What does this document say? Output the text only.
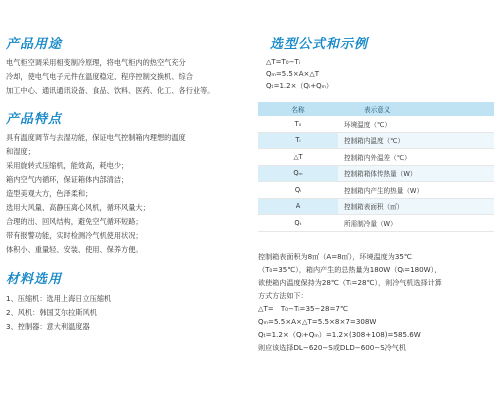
产品用途

电气柜空调采用相变制冷原理，将电气柜内的热空气充分

冷却，使电气电子元件在温度稳定、程序控制交换机、综合

加工中心、通讯通讯设备、食品、饮料、医药、化工、各行业等。

产品特点

具有温度调节与去湿功能，保证电气控制箱内理想的温度

和湿度；

采用旋转式压缩机，能效高，耗电少；

箱内空气内循环，保证箱体内部清洁；

造型美观大方，色泽柔和；

选用大风量、高静压离心风机，循环风量大；

合理的出、回风结构，避免空气循环短路；

带有报警功能，实时检测冷气机使用状况；

体积小、重量轻、安装、使用、保养方便。

材料选用

1、压缩机：选用上海日立压缩机

2、风机：韩国艾尔拉斯风机

3、控制器：意大利温度器

选型公式和示例

△T=T₀−Tᵢ

Qₘ=5.5×A×△T

Qₜ=1.2×（Qᵢ+Qₘ）

名称	表示意义
T₀	环境温度（℃）
Tᵢ	控制箱内温度（℃）
△T	控制箱内外温差（℃）
Qₘ	控制箱箱体传热量（W）
Qᵢ	控制箱内产生的热量（W）
A	控制箱表面积（㎡）
Qₜ	所需制冷量（W）

控制箱表面积为8㎡（A=8㎡），环境温度为35℃

（T₀=35℃），箱内产生的总热量为180W（Qᵢ=180W），

欲使箱内温度保持为28℃（Tᵢ=28℃），则冷气机选择计算

方式方法如下：

△T=　T₀−Tᵢ=35−28=7℃

Qₘ=5.5×A×△T=5.5×8×7=308W

Qₜ=1.2×（Qᵢ+Qₘ）=1.2×(308+108)=585.6W

则应该选择DL−620−S或DLD−600−S冷气机
